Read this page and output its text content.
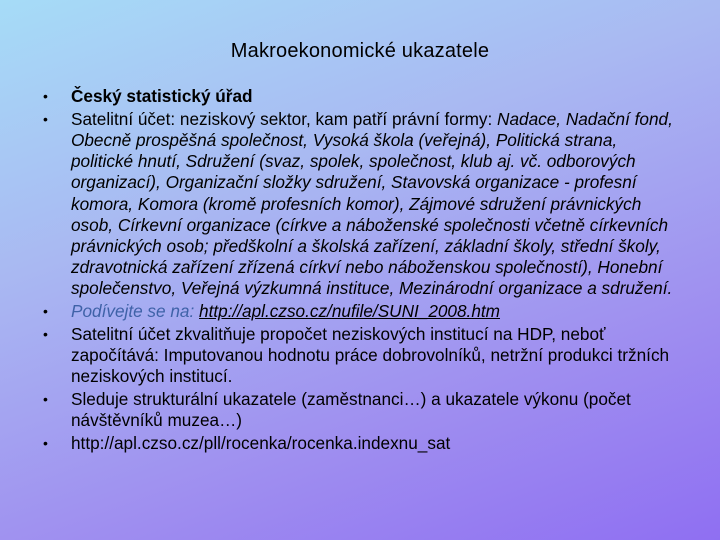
Makroekonomické ukazatele
• Český statistický úřad
• Satelitní účet: neziskový sektor, kam patří právní formy: Nadace, Nadační fond, Obecně prospěšná společnost, Vysoká škola (veřejná), Politická strana, politické hnutí, Sdružení (svaz, spolek, společnost, klub aj. vč. odborových organizací), Organizační složky sdružení, Stavovská organizace - profesní komora, Komora (kromě profesních komor), Zájmové sdružení právnických osob, Církevní organizace (církve a náboženské společnosti včetně církevních právnických osob; předškolní a školská zařízení, základní školy, střední školy, zdravotnická zařízení zřízená církví nebo náboženskou společností), Honební společenstvo, Veřejná výzkumná instituce, Mezinárodní organizace a sdružení.
• Podívejte se na: http://apl.czso.cz/nufile/SUNI_2008.htm
• Satelitní účet zkvalitňuje propočet neziskových institucí na HDP, neboť započítává: Imputovanou hodnotu práce dobrovolníků, netržní produkci tržních neziskových institucí.
• Sleduje strukturální ukazatele (zaměstnanci…) a ukazatele výkonu (počet návštěvníků muzea…)
• http://apl.czso.cz/pll/rocenka/rocenka.indexnu_sat
